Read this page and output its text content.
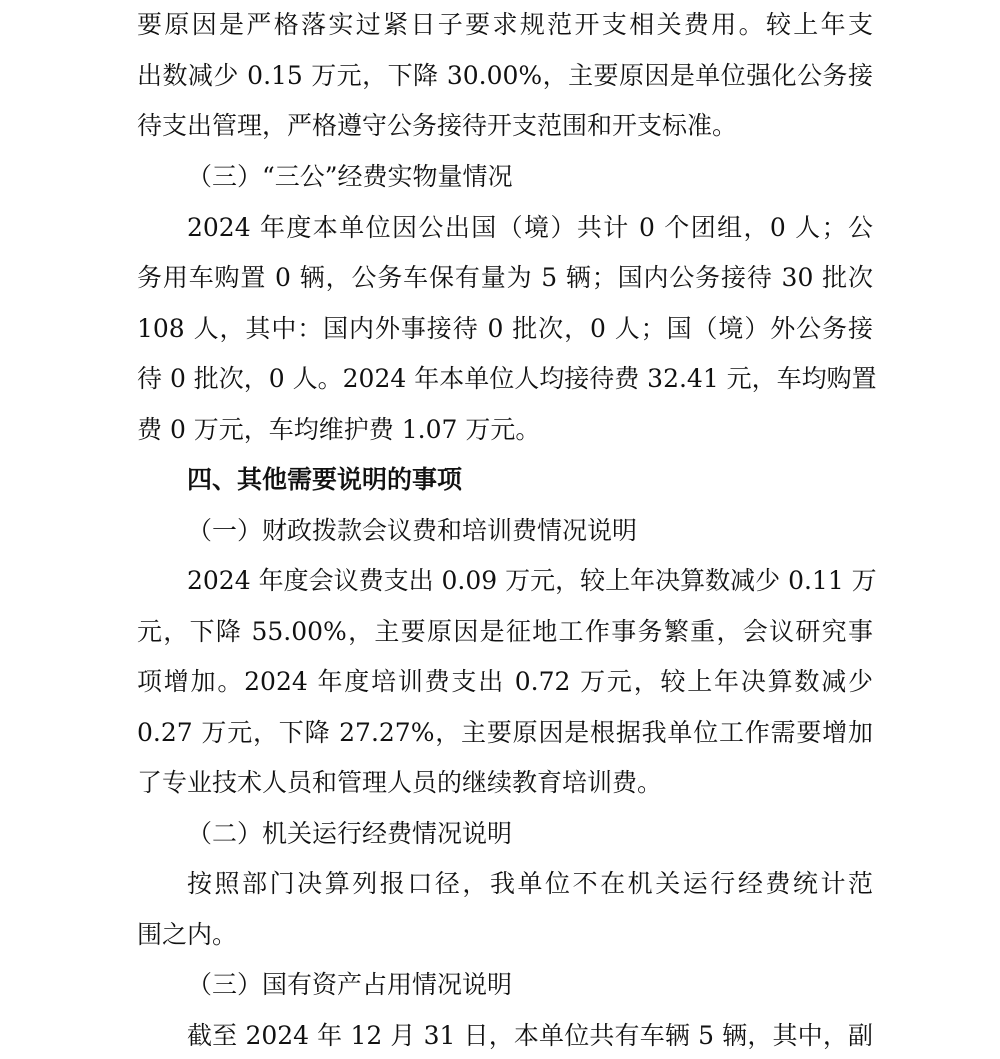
要原因是严格落实过紧日子要求规范开支相关费用。较上年支
出数减少 0.15 万元，下降 30.00%，主要原因是单位强化公务接
待支出管理，严格遵守公务接待开支范围和开支标准。
（三）“三公”经费实物量情况
2024 年度本单位因公出国（境）共计 0 个团组，0 人；公
务用车购置 0 辆，公务车保有量为 5 辆；国内公务接待 30 批次
108 人，其中：国内外事接待 0 批次，0 人；国（境）外公务接
待 0 批次，0 人。2024 年本单位人均接待费 32.41 元，车均购置
费 0 万元，车均维护费 1.07 万元。
四、其他需要说明的事项
（一）财政拨款会议费和培训费情况说明
2024 年度会议费支出 0.09 万元，较上年决算数减少 0.11 万
元，下降 55.00%，主要原因是征地工作事务繁重，会议研究事
项增加。2024 年度培训费支出 0.72 万元，较上年决算数减少
0.27 万元，下降 27.27%，主要原因是根据我单位工作需要增加
了专业技术人员和管理人员的继续教育培训费。
（二）机关运行经费情况说明
按照部门决算列报口径，我单位不在机关运行经费统计范
围之内。
（三）国有资产占用情况说明
截至 2024 年 12 月 31 日，本单位共有车辆 5 辆，其中，副
